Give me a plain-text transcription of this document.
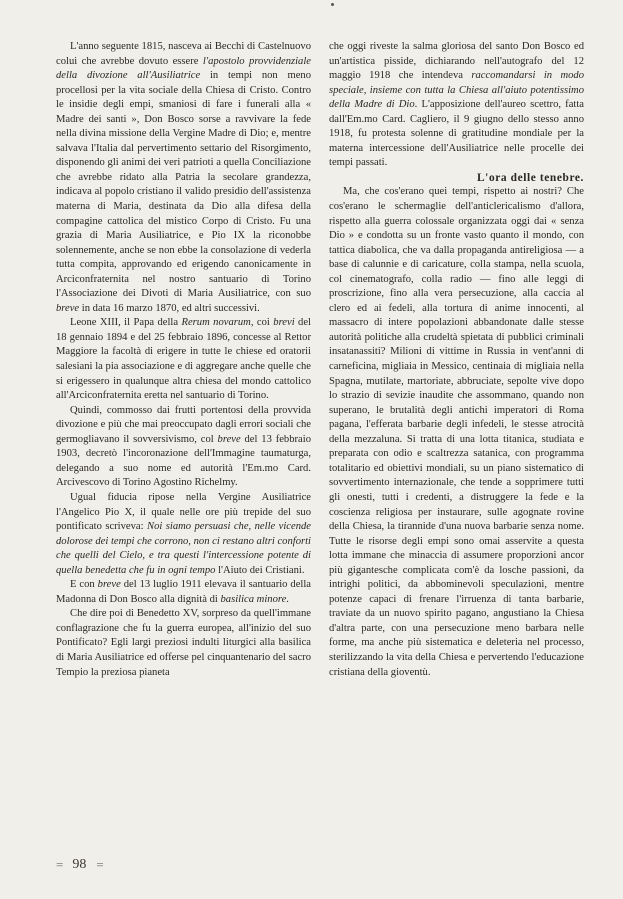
L'anno seguente 1815, nasceva ai Becchi di Castelnuovo colui che avrebbe dovuto essere l'apostolo provvidenziale della divozione all'Ausiliatrice in tempi non meno procellosi per la vita sociale della Chiesa di Cristo. Contro le insidie degli empi, smaniosi di fare i funerali alla « Madre dei santi », Don Bosco sorse a ravvivare la fede nella divina missione della Vergine Madre di Dio; e, mentre salvava l'Italia dal pervertimento settario del Risorgimento, disponendo gli animi dei veri patrioti a quella Conciliazione che avrebbe ridato alla Patria la secolare grandezza, indicava al popolo cristiano il valido presidio dell'assistenza materna di Maria, destinata da Dio alla difesa della compagine cattolica del mistico Corpo di Cristo. Fu una grazia di Maria Ausiliatrice, e Pio IX la riconobbe solennemente, anche se non ebbe la consolazione di vederla tutta compita, approvando ed erigendo canonicamente in Arciconfraternita nel nostro santuario di Torino l'Associazione dei Divoti di Maria Ausiliatrice, con suo breve in data 16 marzo 1870, ed altri successivi.

Leone XIII, il Papa della Rerum novarum, coi brevi del 18 gennaio 1894 e del 25 febbraio 1896, concesse al Rettor Maggiore la facoltà di erigere in tutte le chiese ed oratorii salesiani la pia associazione e di aggregare anche quelle che si erigessero in qualunque altra chiesa del mondo cattolico all'Arciconfraternita eretta nel santuario di Torino.

Quindi, commosso dai frutti portentosi della provvida divozione e più che mai preoccupato dagli errori sociali che germogliavano il sovversivismo, col breve del 13 febbraio 1903, decretò l'incoronazione dell'Immagine taumaturga, delegando a suo nome ed autorità l'Em.mo Card. Arcivescovo di Torino Agostino Richelmy.

Ugual fiducia ripose nella Vergine Ausiliatrice l'Angelico Pio X, il quale nelle ore più trepide del suo pontificato scriveva: Noi siamo persuasi che, nelle vicende dolorose dei tempi che corrono, non ci restano altri conforti che quelli del Cielo, e tra questi l'intercessione potente di quella benedetta che fu in ogni tempo l'Aiuto dei Cristiani.

E con breve del 13 luglio 1911 elevava il santuario della Madonna di Don Bosco alla dignità di basilica minore.

Che dire poi di Benedetto XV, sorpreso da quell'immane conflagrazione che fu la guerra europea, all'inizio del suo Pontificato? Egli largì preziosi indulti liturgici alla basilica di Maria Ausiliatrice ed offerse pel cinquantenario del sacro Tempio la preziosa pianeta

che oggi riveste la salma gloriosa del santo Don Bosco ed un'artistica pisside, dichiarando nell'autografo del 12 maggio 1918 che intendeva raccomandarsi in modo speciale, insieme con tutta la Chiesa all'aiuto potentissimo della Madre di Dio. L'apposizione dell'aureo scettro, fatta dall'Em.mo Card. Cagliero, il 9 giugno dello stesso anno 1918, fu protesta solenne di gratitudine mondiale per la materna intercessione dell'Ausiliatrice nelle procelle dei tempi passati.

L'ora delle tenebre.

Ma, che cos'erano quei tempi, rispetto ai nostri? Che cos'erano le schermaglie dell'anticlericalismo d'allora, rispetto alla guerra colossale organizzata oggi dai « senza Dio » e condotta su un fronte vasto quanto il mondo, con tattica diabolica, che va dalla propaganda antireligiosa — a base di calunnie e di caricature, colla stampa, nella scuola, col cinematografo, colla radio — fino alle leggi di proscrizione, fino alla vera persecuzione, alla caccia al clero ed ai fedeli, alla tortura di anime innocenti, al massacro di intere popolazioni abbandonate dalle stesse autorità politiche alla crudeltà spietata di pubblici criminali insatanassiti? Milioni di vittime in Russia in vent'anni di carneficina, migliaia in Messico, centinaia di migliaia nella Spagna, mutilate, martoriate, abbruciate, sepolte vive dopo lo strazio di sevizie inaudite che assommano, quando non superano, le brutalità degli antichi imperatori di Roma pagana, l'efferata barbarie degli infedeli, le stesse atrocità della mezzaluna. Si tratta di una lotta titanica, studiata e preparata con odio e scaltrezza satanica, con programma totalitario ed obiettivi mondiali, su un piano sistematico di sovvertimento internazionale, che tende a sopprimere tutti gli onesti, tutti i credenti, a distruggere la fede e la coscienza religiosa per instaurare, sulle agognate rovine della Chiesa, la tirannide d'una nuova barbarie senza nome. Tutte le risorse degli empi sono omai asservite a questa lotta immane che minaccia di assumere proporzioni ancor più gigantesche complicata com'è da losche passioni, da intrighi politici, da abbominevoli speculazioni, mentre potenze capaci di frenare l'irruenza di tanta barbarie, traviate da un nuovo spirito pagano, angustiano la Chiesa d'altra parte, con una persecuzione meno barbara nelle forme, ma anche più sistematica e deleteria nel processo, sterilizzando la vita della Chiesa e pervertendo l'educazione cristiana della gioventù.

= 98 =
